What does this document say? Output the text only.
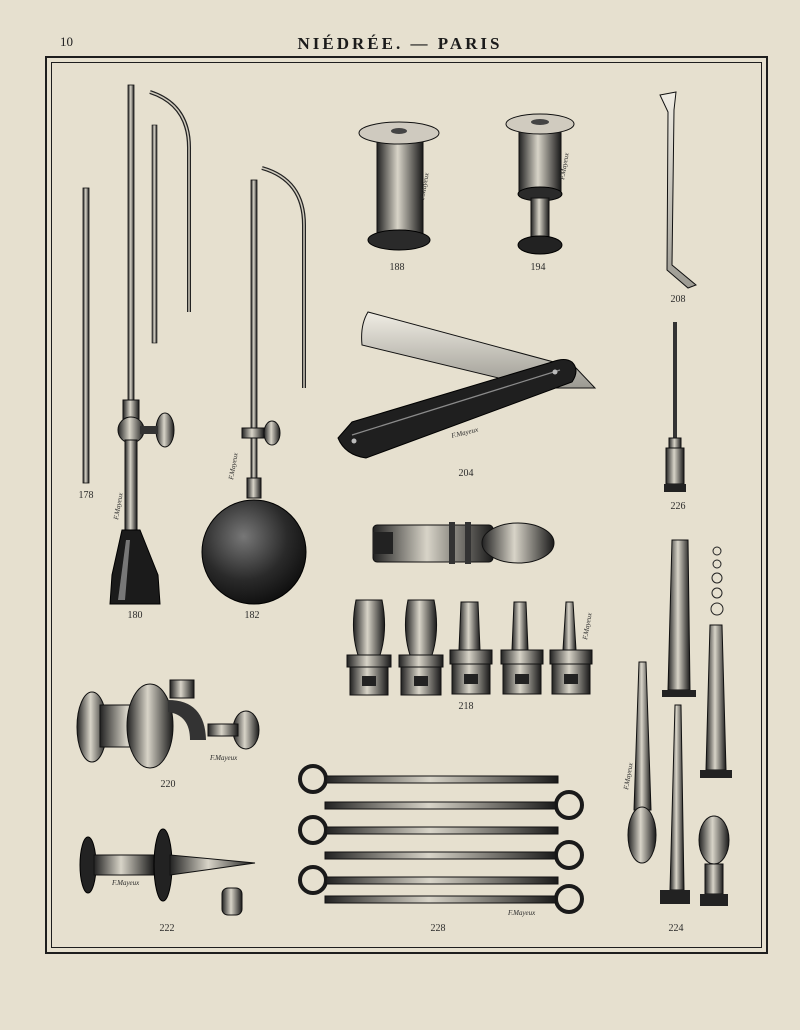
10	NIÉDRÉE. — PARIS
F.Mayeux
F.Mayeux
F.Mayeux
F.Mayeux
F.Mayeux
F.Mayeux
F.Mayeux
F.Mayeux
F.Mayeux
F.Mayeux
178
180	182
188	194
204
208
218
220
222	224
226
228
